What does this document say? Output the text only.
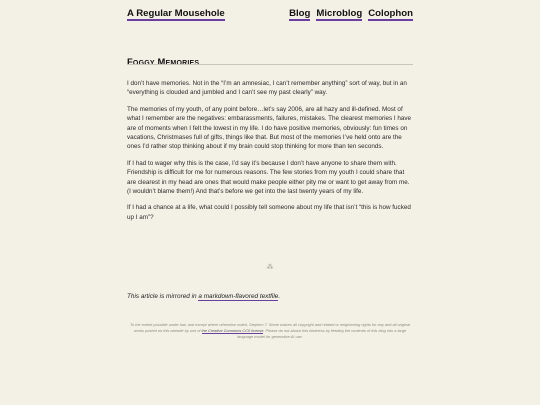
A Regular Mousehole	Blog Microblog Colophon
Foggy Memories

I don’t have memories. Not in the “I’m an amnesiac, I can’t remember anything” sort of way, but in an “everything is clouded and jumbled and I can’t see my past clearly” way.

The memories of my youth, of any point before…let’s say 2006, are all hazy and ill-defined. Most of what I remember are the negatives: embarassments, failures, mistakes. The clearest memories I have are of moments when I felt the lowest in my life. I do have positive memories, obviously: fun times on vacations, Christmases full of gifts, things like that. But most of the memories I’ve held onto are the ones I’d rather stop thinking about if my brain could stop thinking for more than ten seconds.

If I had to wager why this is the case, I’d say it’s because I don’t have anyone to share them with. Friendship is difficult for me for numerous reasons. The few stories from my youth I could share that are clearest in my head are ones that would make people either pity me or want to get away from me. (I wouldn’t blame them!) And that’s before we get into the last twenty years of my life.

If I had a chance at a life, what could I possibly tell someone about my life that isn’t “this is how fucked up I am”?

⁂

This article is mirrored in a markdown-flavored textfile.

To the extent possible under law, and except where otherwise noted, Stephen T. Stone waives all copyright and related or neighboring rights for any and all original works posted on this website by use of the Creative Commons CC0 license. Please do not abuse this kindness by feeding the contents of this blog into a large language model for generative AI use.
